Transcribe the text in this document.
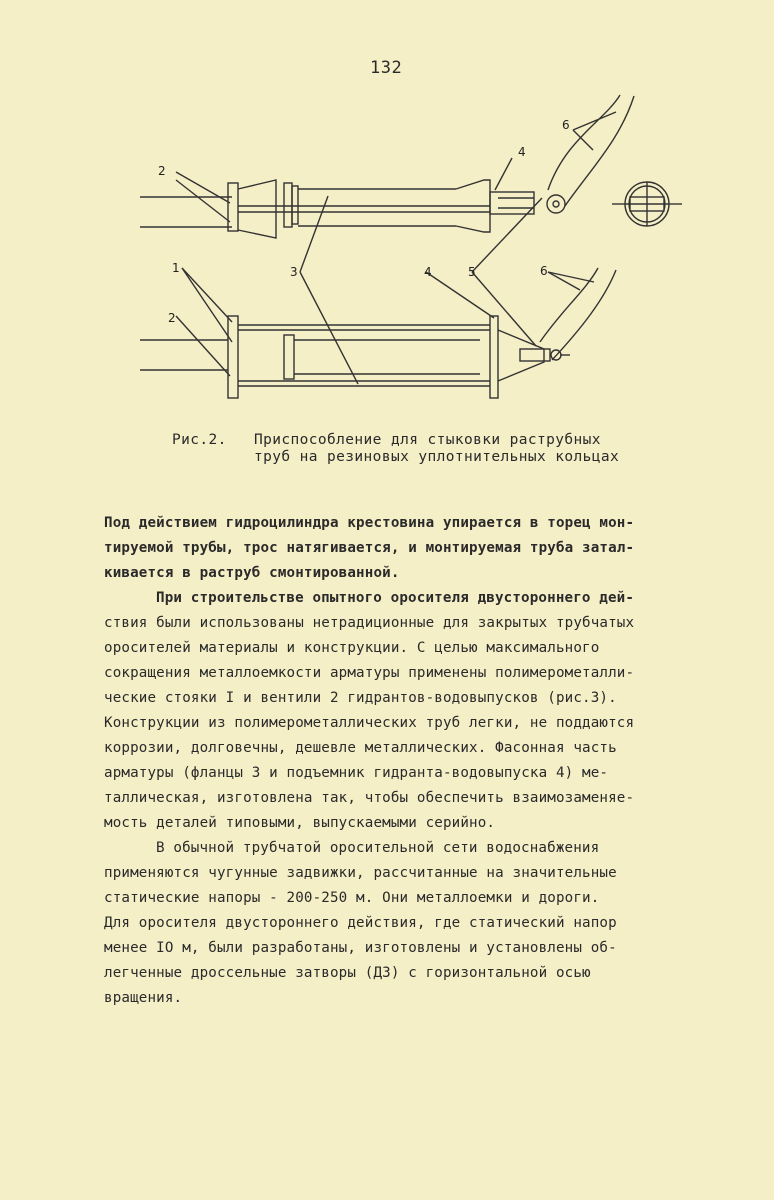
132
2
4
6
1	3	4	5	6
2
Рис.2. Приспособление для стыковки раструбных
труб на резиновых уплотнительных кольцах
Под действием гидроцилиндра крестовина упирается в торец мон-
тируемой трубы, трос натягивается, и монтируемая труба затал-
кивается в раструб смонтированной.
При строительстве опытного оросителя двустороннего дей-
ствия были использованы нетрадиционные для закрытых трубчатых
оросителей материалы и конструкции. С целью максимального
сокращения металлоемкости арматуры применены полимерометалли-
ческие стояки I и вентили 2 гидрантов-водовыпусков (рис.3).
Конструкции из полимерометаллических труб легки, не поддаются
коррозии, долговечны, дешевле металлических. Фасонная часть
арматуры (фланцы 3 и подъемник гидранта-водовыпуска 4) ме-
таллическая, изготовлена так, чтобы обеспечить взаимозаменяе-
мость деталей типовыми, выпускаемыми серийно.
В обычной трубчатой оросительной сети водоснабжения
применяются чугунные задвижки, рассчитанные на значительные
статические напоры - 200-250 м. Они металлоемки и дороги.
Для оросителя двустороннего действия, где статический напор
менее IO м, были разработаны, изготовлены и установлены об-
легченные дроссельные затворы (ДЗ) с горизонтальной осью
вращения.
